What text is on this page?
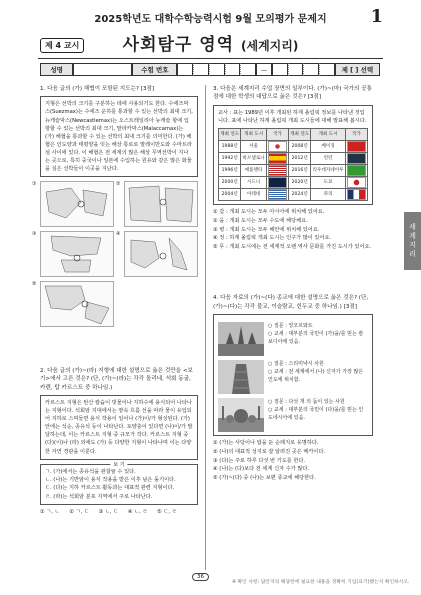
2025학년도 대학수학능력시험 9월 모의평가 문제지	1
제 4 교시	사회탐구 영역 (세계지리)
성명	수험 번호	—	제 [ ] 선택
1. 다음 글의 (가) 해협이 포함된 지도는? [3점]
지형은 선박의 크기를 구분하는 데에 사용되기도 한다. 수에즈막스(Suezmax)는 수에즈 운하를 통과할 수 있는 선박의 최대 크기, 뉴캐슬막스(Newcastlemax)는 오스트레일리아 뉴캐슬 항에 입항할 수 있는 선박의 최대 크기, 말라카막스(Malaccamax)는 (가) 해협을 통과할 수 있는 선박의 최대 크기를 의미한다. (가) 해협은 인도양과 태평양을 잇는 해상 통로로 말레이반도와 수마트라섬 사이에 있다. 이 해협은 전 세계의 많은 해상 무역선박이 지나는 곳으로, 특히 중국이나 일본에 수입하는 원유와 같은 많은 화물을 실은 선박들이 이곳을 지난다.
①	②
③	④
⑤
2. 다음 글의 (가)~(라) 지형에 대한 설명으로 옳은 것만을 <보기>에서 고른 것은? (단, (가)~(라)는 각각 돌리네, 석회 동굴, 카렌, 탑 카르스트 중 하나임.)
카르스트 지형은 탄산 칼슘이 빗물이나 지하수에 용식되어 나타나는 지형이다. 석회암 지대에서는 땅속 흐름 선을 따라 물이 유입되어 지하로 스며들면 용식 작용이 일어나 (가)이/가 형성된다. (가) 안에는 석순, 종유석 등이 나타난다. 토양층이 있다면 (나)이/가 발달하는데, 이는 카르스트 지형 중 규모가 작다. 카르스트 지형 중 (다)(이)나 (라) 외에도 (가) 등 다양한 지형이 나타나며 이는 다양한 자연 경관을 이룬다.
보 기
ㄱ. (가)에서는 종유석을 관찰할 수 있다.
ㄴ. (나)는 기반암이 용식 작용을 받은 이후 남은 돌기이다.
ㄷ. (다)는 지하 카르스트 활동과는 대표적 관련 지형이다.
ㄹ. (라)는 석회암 분포 지역에서 주로 나타난다.
① ㄱ, ㄴ ② ㄱ, ㄷ ③ ㄴ, ㄷ ④ ㄴ, ㄹ ⑤ ㄷ, ㄹ
3. 다음은 세계지리 수업 장면의 일부이다. (가)~(마) 국가의 공통점에 대한 학생의 대답으로 옳은 것은? [3점]
교사 : 표는 1989년 이후 개최된 하계 올림픽 정보를 나타낸 것입니다. 표에 나타난 하계 올림픽 개최 도시들에 대해 발표해 봅시다.
개최 연도	개최 도시	국가	개최 연도	개최 도시	국가
1988년	서울		2008년	베이징	
1992년	바르셀로나		2012년	런던	
1996년	애틀랜타		2016년	리우데자네이루	
2000년	시드니		2020년	도쿄	
2004년	아테네		2024년	파리	
① 갑 : 개최 도시는 모두 아시아에 위치해 있어요.
② 을 : 개최 도시는 모두 수도에 해당해요.
③ 병 : 개최 도시는 모두 해안에 위치해 있어요.
④ 정 : 하계 올림픽 개최 도시는 인구가 많이 있어요.
⑤ 무 : 개최 도시에는 전 세계적 오랜 역사 문화를 가진 도시가 있어요.
4. 다음 자료의 (가)~(다) 종교에 대한 설명으로 옳은 것은? (단, (가)~(다)는 각각 불교, 이슬람교, 힌두교 중 하나임.) [3점]
○ 질문 : 앙코르와트
○ 교세 : 대부분의 국민이 (가)을/를 믿는 캄보디아에 있음.
○ 질문 : 스리미낙시 사원
○ 교세 : 전 세계에서 (나) 신자가 가장 많은 인도에 위치함.
○ 질문 : 다섯 개 의 돔이 있는 사원
○ 교세 : 대부분의 국민이 (다)을/를 믿는 인도네시아에 있음.
① (가)는 사당이나 탑을 둔 순례지로 유명하다.
② (나)의 대표적 성지로 잘 알려진 곳은 메카이다.
③ (다)는 주로 하루 다섯 번 기도를 한다.
④ (나)는 (다)보다 전 세계 신자 수가 많다.
⑤ (가)~(다) 중 (나)는 보편 종교에 해당한다.
세계지리
36
※ 확인 사항: 답안지의 해당란에 필요한 내용을 정확히 기입(표기)했는지 확인하시오.
